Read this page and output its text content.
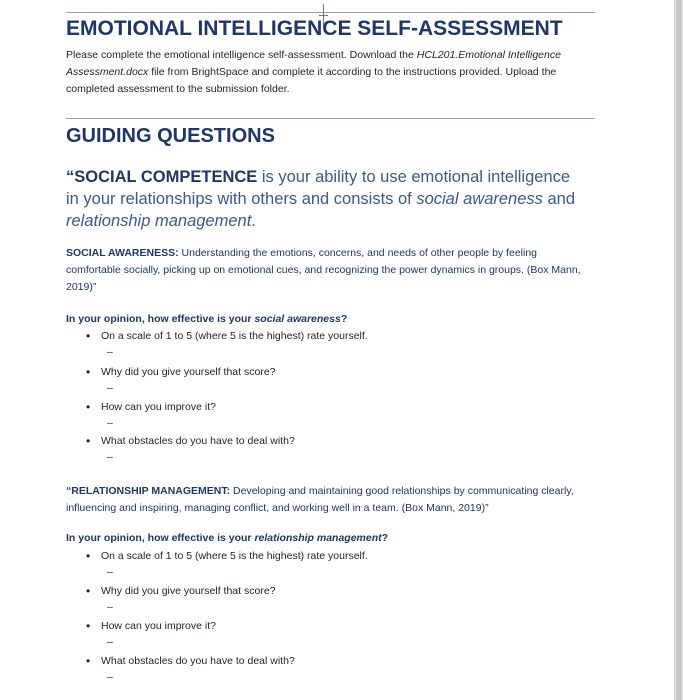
EMOTIONAL INTELLIGENCE SELF-ASSESSMENT
Please complete the emotional intelligence self-assessment. Download the HCL201.Emotional Intelligence Assessment.docx file from BrightSpace and complete it according to the instructions provided. Upload the completed assessment to the submission folder.
GUIDING QUESTIONS
“SOCIAL COMPETENCE is your ability to use emotional intelligence in your relationships with others and consists of social awareness and relationship management.
SOCIAL AWARENESS: Understanding the emotions, concerns, and needs of other people by feeling comfortable socially, picking up on emotional cues, and recognizing the power dynamics in groups. (Box Mann, 2019)”
In your opinion, how effective is your social awareness?
• On a scale of 1 to 5 (where 5 is the highest) rate yourself.
–
• Why did you give yourself that score?
–
• How can you improve it?
–
• What obstacles do you have to deal with?
–
“RELATIONSHIP MANAGEMENT: Developing and maintaining good relationships by communicating clearly, influencing and inspiring, managing conflict, and working well in a team. (Box Mann, 2019)”
In your opinion, how effective is your relationship management?
• On a scale of 1 to 5 (where 5 is the highest) rate yourself.
–
• Why did you give yourself that score?
–
• How can you improve it?
–
• What obstacles do you have to deal with?
–
